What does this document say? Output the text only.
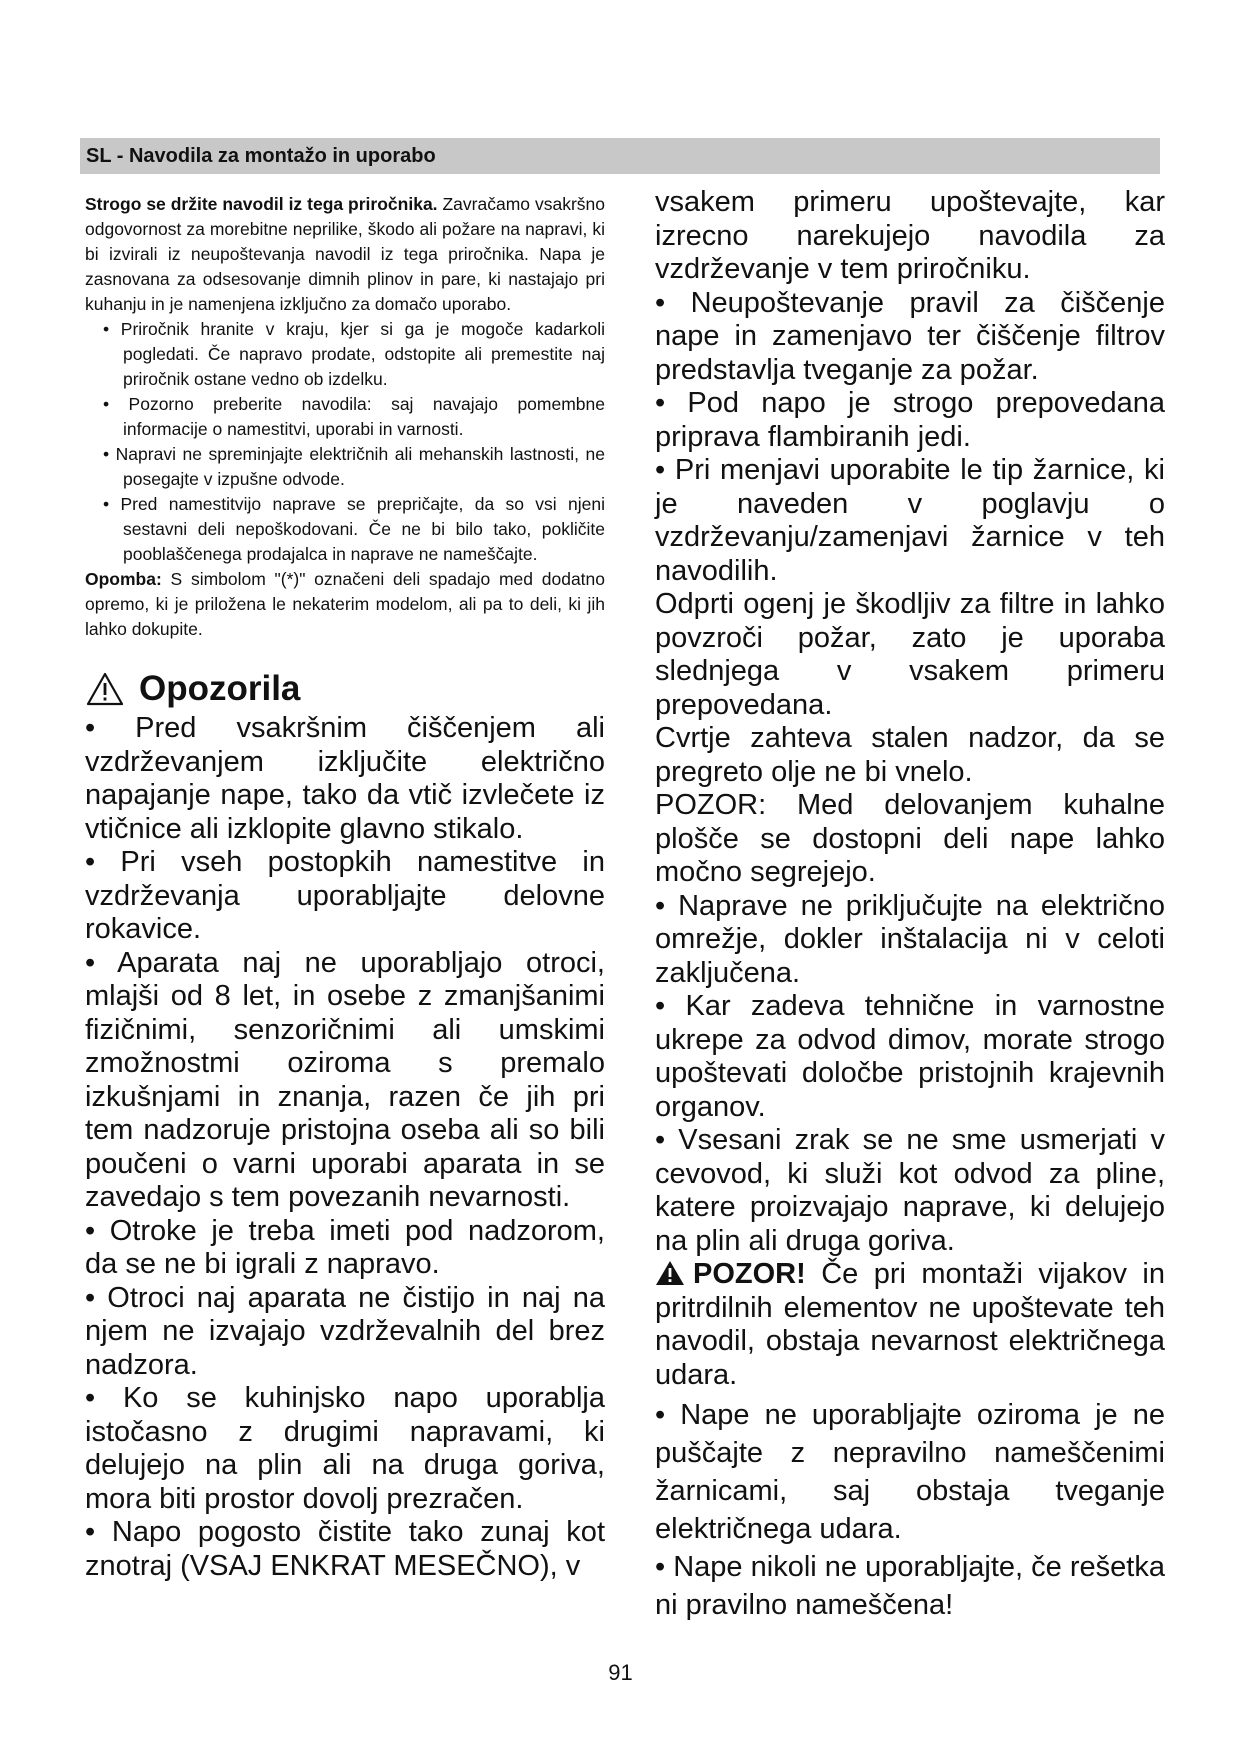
SL - Navodila za montažo in uporabo

Strogo se držite navodil iz tega priročnika. Zavračamo vsakršno odgovornost za morebitne neprilike, škodo ali požare na napravi, ki bi izvirali iz neupoštevanja navodil iz tega priročnika. Napa je zasnovana za odsesovanje dimnih plinov in pare, ki nastajajo pri kuhanju in je namenjena izključno za domačo uporabo.

• Priročnik hranite v kraju, kjer si ga je mogoče kadarkoli pogledati. Če napravo prodate, odstopite ali premestite naj priročnik ostane vedno ob izdelku.

• Pozorno preberite navodila: saj navajajo pomembne informacije o namestitvi, uporabi in varnosti.

• Napravi ne spreminjajte električnih ali mehanskih lastnosti, ne posegajte v izpušne odvode.

• Pred namestitvijo naprave se prepričajte, da so vsi njeni sestavni deli nepoškodovani. Če ne bi bilo tako, pokličite pooblaščenega prodajalca in naprave ne nameščajte.

Opomba: S simbolom "(*)" označeni deli spadajo med dodatno opremo, ki je priložena le nekaterim modelom, ali pa to deli, ki jih lahko dokupite.

Opozorila

• Pred vsakršnim čiščenjem ali vzdrževanjem izključite električno napajanje nape, tako da vtič izvlečete iz vtičnice ali izklopite glavno stikalo.

• Pri vseh postopkih namestitve in vzdrževanja uporabljajte delovne rokavice.

• Aparata naj ne uporabljajo otroci, mlajši od 8 let, in osebe z zmanjšanimi fizičnimi, senzoričnimi ali umskimi zmožnostmi oziroma s premalo izkušnjami in znanja, razen če jih pri tem nadzoruje pristojna oseba ali so bili poučeni o varni uporabi aparata in se zavedajo s tem povezanih nevarnosti.

• Otroke je treba imeti pod nadzorom, da se ne bi igrali z napravo.

• Otroci naj aparata ne čistijo in naj na njem ne izvajajo vzdrževalnih del brez nadzora.

• Ko se kuhinjsko napo uporablja istočasno z drugimi napravami, ki delujejo na plin ali na druga goriva, mora biti prostor dovolj prezračen.

• Napo pogosto čistite tako zunaj kot znotraj (VSAJ ENKRAT MESEČNO), v

vsakem primeru upoštevajte, kar izrecno narekujejo navodila za vzdrževanje v tem priročniku.

• Neupoštevanje pravil za čiščenje nape in zamenjavo ter čiščenje filtrov predstavlja tveganje za požar.

• Pod napo je strogo prepovedana priprava flambiranih jedi.

• Pri menjavi uporabite le tip žarnice, ki je naveden v poglavju o vzdrževanju/zamenjavi žarnice v teh navodilih.

Odprti ogenj je škodljiv za filtre in lahko povzroči požar, zato je uporaba slednjega v vsakem primeru prepovedana.

Cvrtje zahteva stalen nadzor, da se pregreto olje ne bi vnelo.

POZOR: Med delovanjem kuhalne plošče se dostopni deli nape lahko močno segrejejo.

• Naprave ne priključujte na električno omrežje, dokler inštalacija ni v celoti zaključena.

• Kar zadeva tehnične in varnostne ukrepe za odvod dimov, morate strogo upoštevati določbe pristojnih krajevnih organov.

• Vsesani zrak se ne sme usmerjati v cevovod, ki služi kot odvod za pline, katere proizvajajo naprave, ki delujejo na plin ali druga goriva.

POZOR! Če pri montaži vijakov in pritrdilnih elementov ne upoštevate teh navodil, obstaja nevarnost električnega udara.

• Nape ne uporabljajte oziroma je ne puščajte z nepravilno nameščenimi žarnicami, saj obstaja tveganje električnega udara.

• Nape nikoli ne uporabljajte, če rešetka ni pravilno nameščena!

91
